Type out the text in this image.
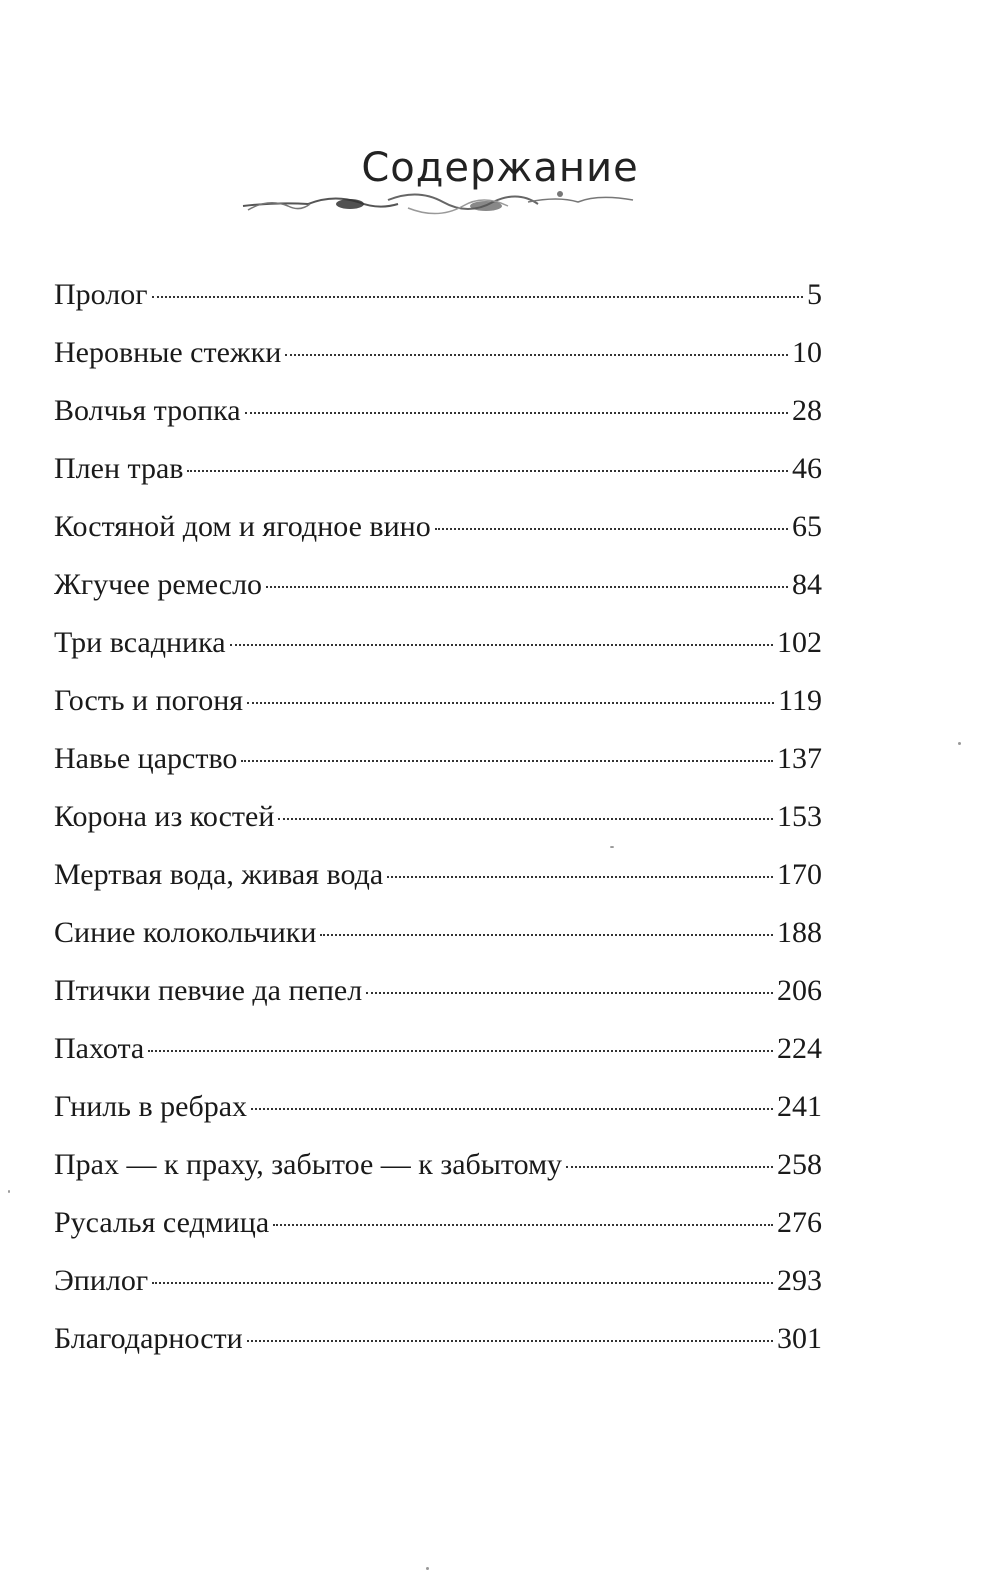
Содержание
Пролог	5
Неровные стежки	10
Волчья тропка	28
Плен трав	46
Костяной дом и ягодное вино	65
Жгучее ремесло	84
Три всадника	102
Гость и погоня	119
Навье царство	137
Корона из костей	153
Мертвая вода, живая вода	170
Синие колокольчики	188
Птички певчие да пепел	206
Пахота	224
Гниль в ребрах	241
Прах — к праху, забытое — к забытому	258
Русалья седмица	276
Эпилог	293
Благодарности	301
